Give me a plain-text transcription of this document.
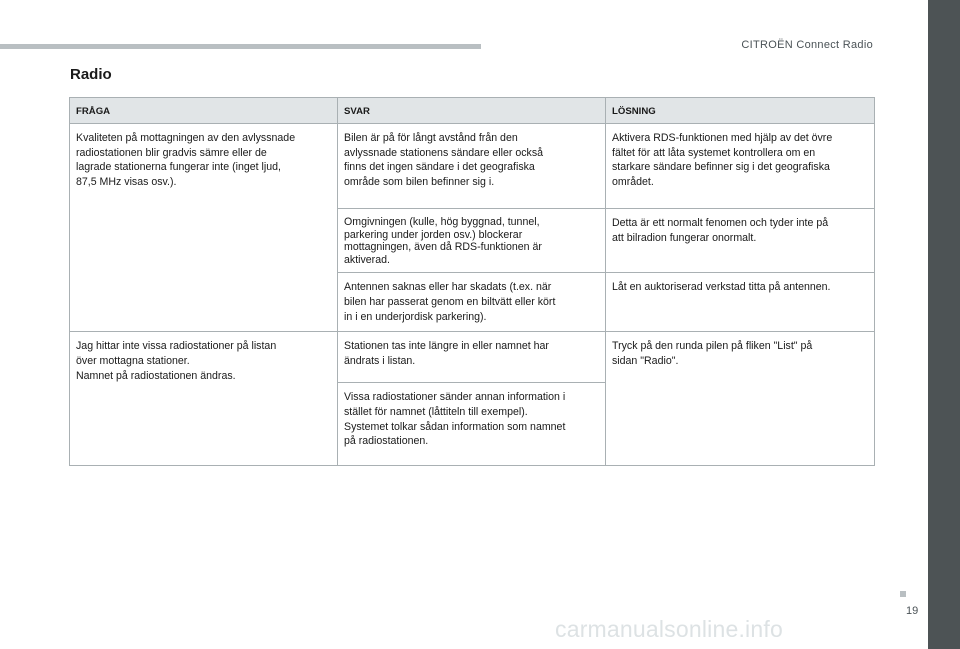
CITROËN Connect Radio
Radio
FRÅGA	SVAR	LÖSNING

Kvaliteten på mottagningen av den avlyssnade
radiostationen blir gradvis sämre eller de
lagrade stationerna fungerar inte (inget ljud,
87,5 MHz visas osv.).	Bilen är på för långt avstånd från den
avlyssnade stationens sändare eller också
finns det ingen sändare i det geografiska
område som bilen befinner sig i.	Aktivera RDS-funktionen med hjälp av det övre
fältet för att låta systemet kontrollera om en
starkare sändare befinner sig i det geografiska
området.

	Omgivningen (kulle, hög byggnad, tunnel,
parkering under jorden osv.) blockerar
mottagningen, även då RDS-funktionen är
aktiverad.	Detta är ett normalt fenomen och tyder inte på
att bilradion fungerar onormalt.

	Antennen saknas eller har skadats (t.ex. när
bilen har passerat genom en biltvätt eller kört
in i en underjordisk parkering).	Låt en auktoriserad verkstad titta på antennen.

Jag hittar inte vissa radiostationer på listan
över mottagna stationer.
Namnet på radiostationen ändras.	Stationen tas inte längre in eller namnet har
ändrats i listan.	Tryck på den runda pilen på fliken "List" på
sidan "Radio".

	Vissa radiostationer sänder annan information i
stället för namnet (låttiteln till exempel).
Systemet tolkar sådan information som namnet
på radiostationen.	
19
carmanualsonline.info
